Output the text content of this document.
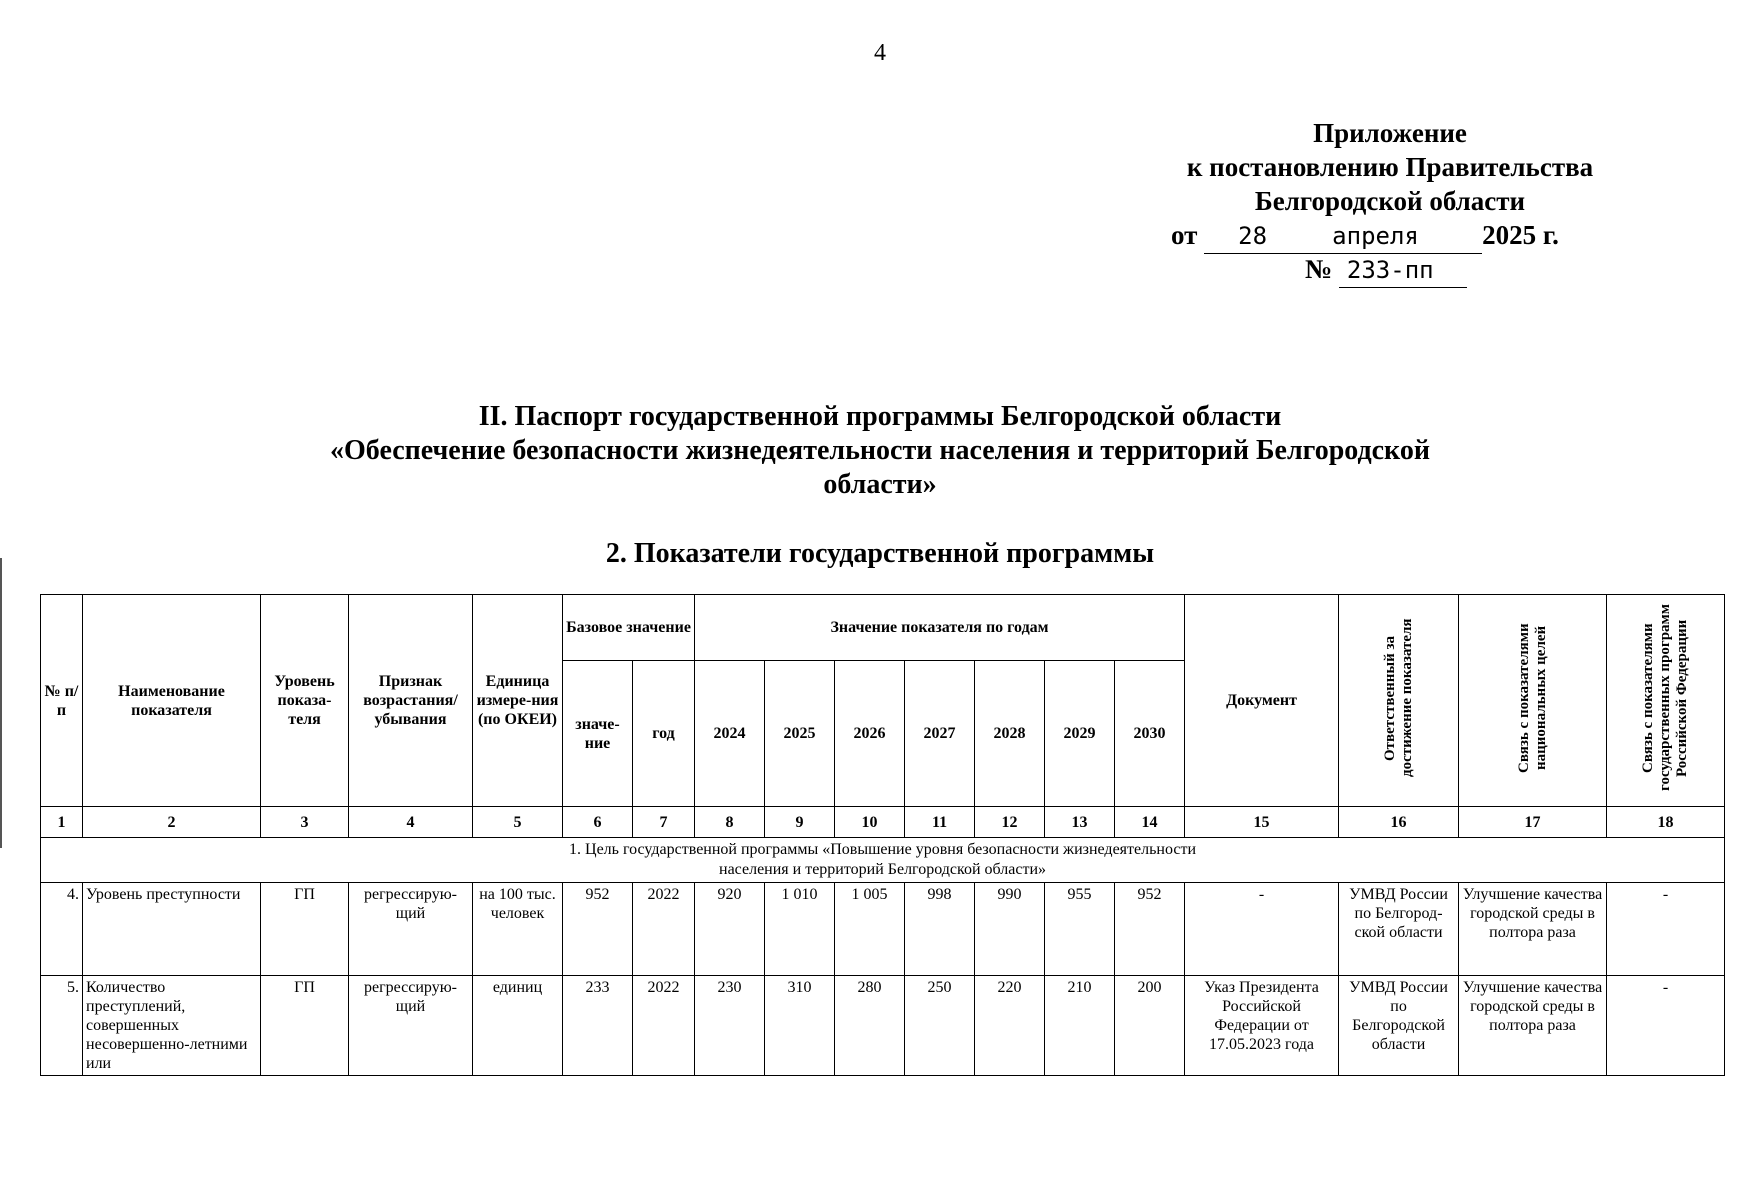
4
Приложение
к постановлению Правительства
Белгородской области
от 28	апреля 2025 г.
№ 233-пп
II. Паспорт государственной программы Белгородской области
«Обеспечение безопасности жизнедеятельности населения и территорий Белгородской
области»
2. Показатели государственной программы
№ п/п	Наименование показателя	Уровень показа-теля	Признак возрастания/ убывания	Единица измере-ния (по ОКЕИ)	Базовое значение		Значение показателя по годам							Документ	Ответственный за достижение показателя	Связь с показателями национальных целей	Связь с показателями государственных программ Российской Федерации
					значе-ние	год	2024	2025	2026	2027	2028	2029	2030				
1	2	3	4	5	6	7	8	9	10	11	12	13	14	15	16	17	18

1. Цель государственной программы «Повышение уровня безопасности жизнедеятельности
населения и территорий Белгородской области»																	

4.	Уровень преступности	ГП	регрессирую-щий	на 100 тыс. человек	952	2022	920	1 010	1 005	998	990	955	952	-	УМВД России по Белгород-ской области	Улучшение качества городской среды в полтора раза	-
5.	Количество преступлений, совершенных несовершенно-летними или	ГП	регрессирую-щий	единиц	233	2022	230	310	280	250	220	210	200	Указ Президента Российской Федерации от 17.05.2023 года	УМВД России по Белгородской области	Улучшение качества городской среды в полтора раза	-
